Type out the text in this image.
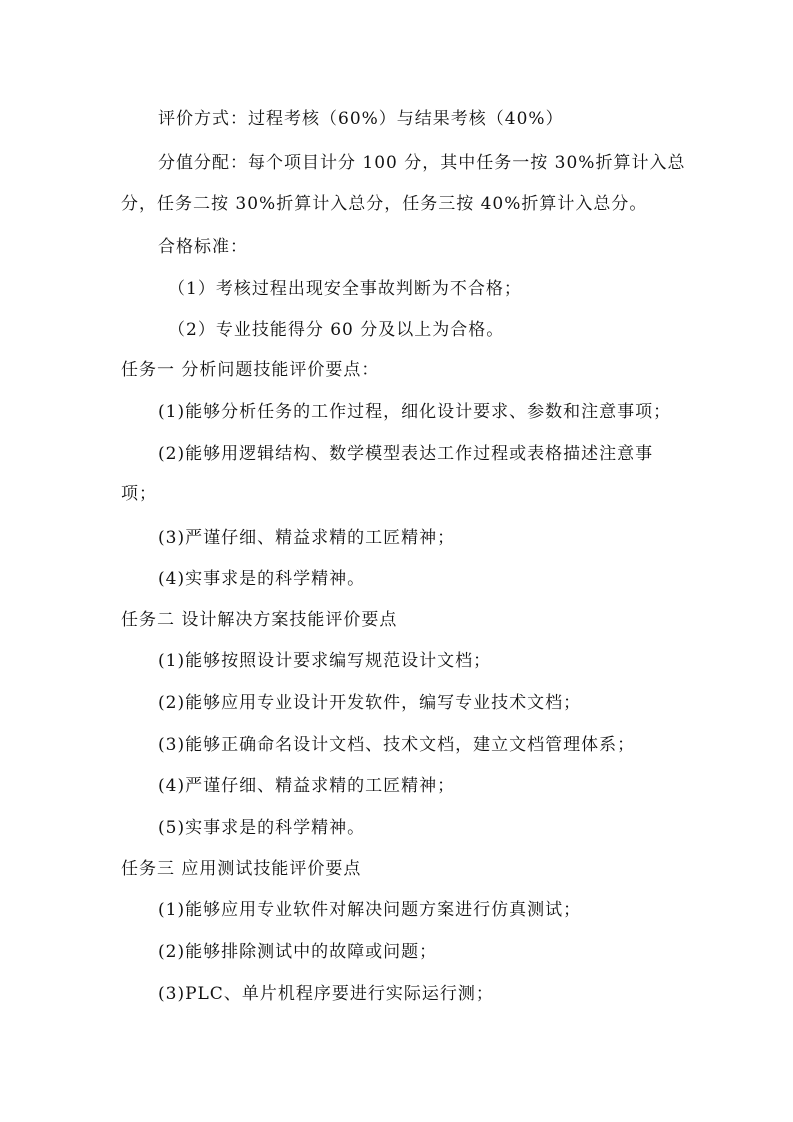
评价方式：过程考核（60%）与结果考核（40%）
分值分配：每个项目计分 100 分，其中任务一按 30%折算计入总
分，任务二按 30%折算计入总分，任务三按 40%折算计入总分。
合格标准：
（1）考核过程出现安全事故判断为不合格；
（2）专业技能得分 60 分及以上为合格。
任务一 分析问题技能评价要点：
(1)能够分析任务的工作过程，细化设计要求、参数和注意事项；
(2)能够用逻辑结构、数学模型表达工作过程或表格描述注意事
项；
(3)严谨仔细、精益求精的工匠精神；
(4)实事求是的科学精神。
任务二 设计解决方案技能评价要点
(1)能够按照设计要求编写规范设计文档；
(2)能够应用专业设计开发软件，编写专业技术文档；
(3)能够正确命名设计文档、技术文档，建立文档管理体系；
(4)严谨仔细、精益求精的工匠精神；
(5)实事求是的科学精神。
任务三 应用测试技能评价要点
(1)能够应用专业软件对解决问题方案进行仿真测试；
(2)能够排除测试中的故障或问题；
(3)PLC、单片机程序要进行实际运行测；
